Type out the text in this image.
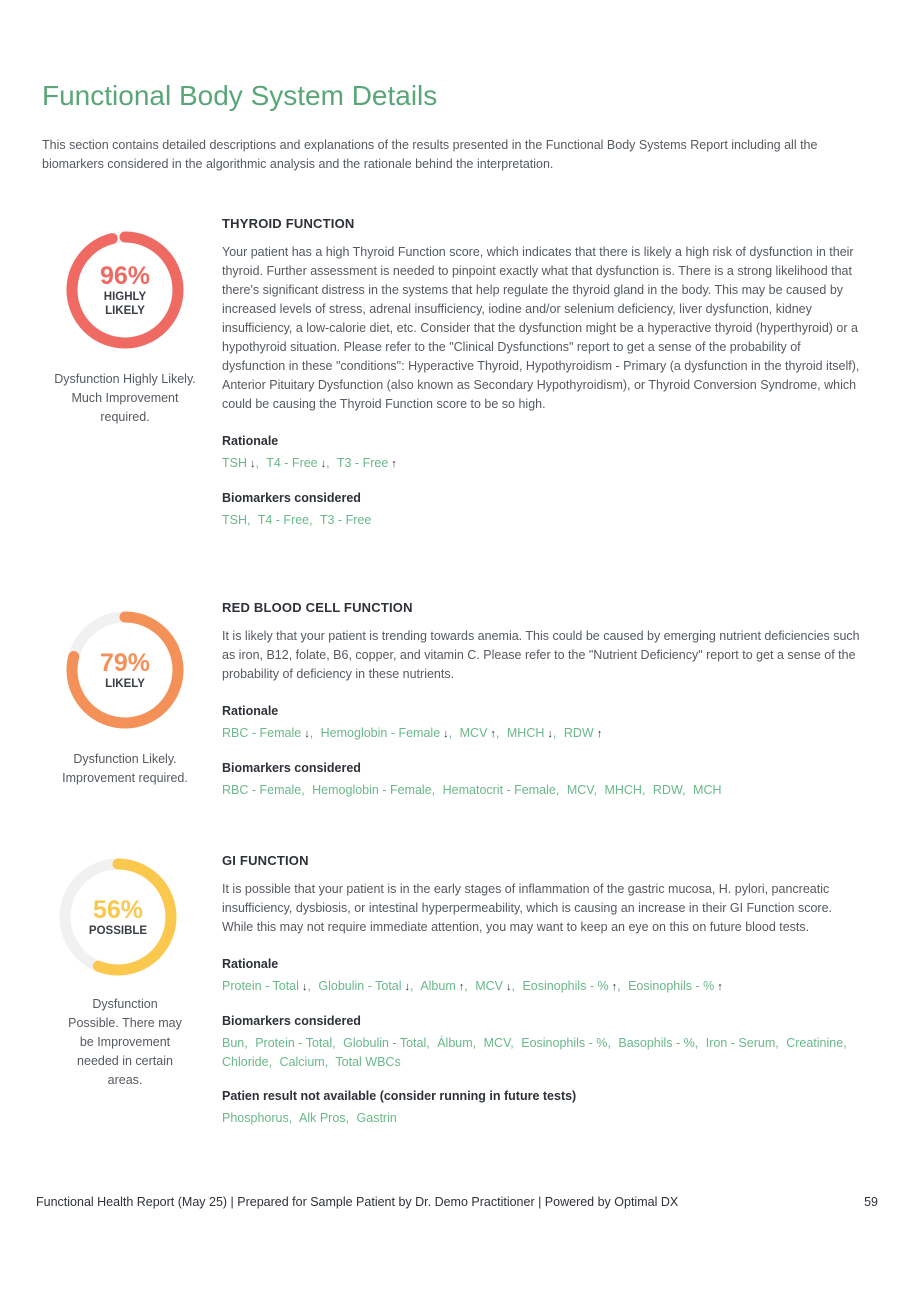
Functional Body System Details

This section contains detailed descriptions and explanations of the results presented in the Functional Body Systems Report including all the biomarkers considered in the algorithmic analysis and the rationale behind the interpretation.

96%
HIGHLY LIKELY
Dysfunction Highly Likely. Much Improvement required.
THYROID FUNCTION

Your patient has a high Thyroid Function score, which indicates that there is likely a high risk of dysfunction in their thyroid. Further assessment is needed to pinpoint exactly what that dysfunction is. There is a strong likelihood that there's significant distress in the systems that help regulate the thyroid gland in the body. This may be caused by increased levels of stress, adrenal insufficiency, iodine and/or selenium deficiency, liver dysfunction, kidney insufficiency, a low-calorie diet, etc. Consider that the dysfunction might be a hyperactive thyroid (hyperthyroid) or a hypothyroid situation. Please refer to the "Clinical Dysfunctions" report to get a sense of the probability of dysfunction in these "conditions": Hyperactive Thyroid, Hypothyroidism - Primary (a dysfunction in the thyroid itself), Anterior Pituitary Dysfunction (also known as Secondary Hypothyroidism), or Thyroid Conversion Syndrome, which could be causing the Thyroid Function score to be so high.

Rationale

TSH ↓, T4 - Free ↓, T3 - Free ↑

Biomarkers considered

TSH, T4 - Free, T3 - Free

79%
LIKELY
Dysfunction Likely. Improvement required.
RED BLOOD CELL FUNCTION

It is likely that your patient is trending towards anemia. This could be caused by emerging nutrient deficiencies such as iron, B12, folate, B6, copper, and vitamin C. Please refer to the "Nutrient Deficiency" report to get a sense of the probability of deficiency in these nutrients.

Rationale

RBC - Female ↓, Hemoglobin - Female ↓, MCV ↑, MHCH ↓, RDW ↑

Biomarkers considered

RBC - Female, Hemoglobin - Female, Hematocrit - Female, MCV, MHCH, RDW, MCH

56%
POSSIBLE
Dysfunction Possible. There may be Improvement needed in certain areas.
GI FUNCTION

It is possible that your patient is in the early stages of inflammation of the gastric mucosa, H. pylori, pancreatic insufficiency, dysbiosis, or intestinal hyperpermeability, which is causing an increase in their GI Function score. While this may not require immediate attention, you may want to keep an eye on this on future blood tests.

Rationale

Protein - Total ↓, Globulin - Total ↓, Album ↑, MCV ↓, Eosinophils - % ↑, Eosinophils - % ↑

Biomarkers considered

Bun, Protein - Total, Globulin - Total, Álbum, MCV, Eosinophils - %, Basophils - %, Iron - Serum, Creatinine, Chloride, Calcium, Total WBCs

Patien result not available (consider running in future tests)

Phosphorus, Alk Pros, Gastrin

Functional Health Report (May 25) | Prepared for Sample Patient by Dr. Demo Practitioner | Powered by Optimal DX	59
